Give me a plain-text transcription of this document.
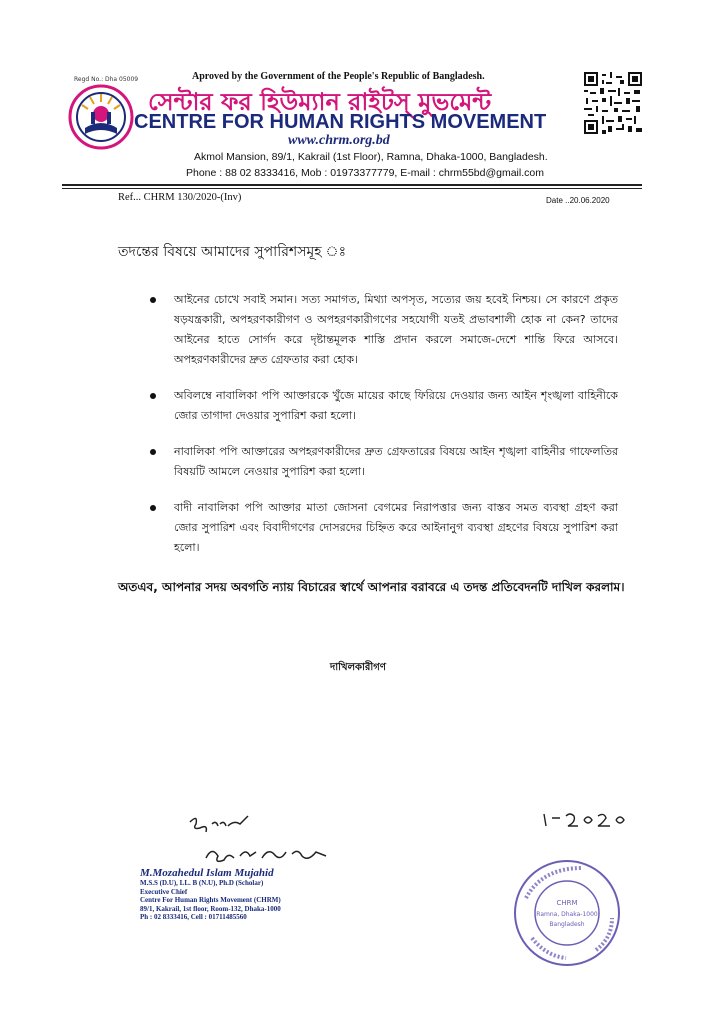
Regd No.: Dha 05009	Aproved by the Government of the People's Republic of Bangladesh.
সেন্টার ফর হিউম্যান রাইটস্ মুভমেন্ট
CENTRE FOR HUMAN RIGHTS MOVEMENT
www.chrm.org.bd
Akmol Mansion, 89/1, Kakrail (1st Floor), Ramna, Dhaka-1000, Bangladesh.
Phone : 88 02 8333416, Mob : 01973377779, E-mail : chrm55bd@gmail.com
Ref... CHRM 130/2020-(Inv)	Date ..20.06.2020
তদন্তের বিষয়ে আমাদের সুপারিশসমূহ ঃ
আইনের চোখে সবাই সমান। সত্য সমাগত, মিথ্যা অপসৃত, সত্যের জয় হবেই নিশ্চয়। সে কারণে প্রকৃত ষড়যন্ত্রকারী, অপহরণকারীগণ ও অপহরণকারীগণের সহযোগী যতই প্রভাবশালী হোক না কেন? তাদের আইনের হাতে সোর্গদ করে দৃষ্টান্তমূলক শাস্তি প্রদান করলে সমাজে-দেশে শান্তি ফিরে আসবে। অপহরণকারীদের দ্রুত গ্রেফতার করা হোক।
অবিলম্বে নাবালিকা পপি আক্তারকে খুঁজে মায়ের কাছে ফিরিয়ে দেওয়ার জন্য আইন শৃংঙ্খলা বাহিনীকে জোর তাগাদা দেওয়ার সুপারিশ করা হলো।
নাবালিকা পপি আক্তারের অপহরণকারীদের দ্রুত গ্রেফতারের বিষয়ে আইন শৃঙ্খলা বাহিনীর গাফেলতির বিষয়টি আমলে নেওয়ার সুপারিশ করা হলো।
বাদী নাবালিকা পপি আক্তার মাতা জোসনা বেগমের নিরাপত্তার জন্য বাস্তব সমত ব্যবস্থা গ্রহণ করা জোর সুপারিশ এবং বিবাদীগণের দোসরদের চিহ্নিত করে আইনানুগ ব্যবস্থা গ্রহণের বিষয়ে সুপারিশ করা হলো।
অতএব, আপনার সদয় অবগতি ন্যায় বিচারের স্বার্থে আপনার বরাবরে এ তদন্ত প্রতিবেদনটি দাখিল করলাম।
দাখিলকারীগণ
M.Mozahedul Islam Mujahid
M.S.S (D.U), LL. B (N.U), Ph.D (Scholar)
Executive Chief
Centre For Human Rights Movement (CHRM)
89/1, Kakrail, 1st floor, Room-132, Dhaka-1000
Ph : 02 8333416, Cell : 01711485560
CHRM
Ramna, Dhaka-1000
Bangladesh
